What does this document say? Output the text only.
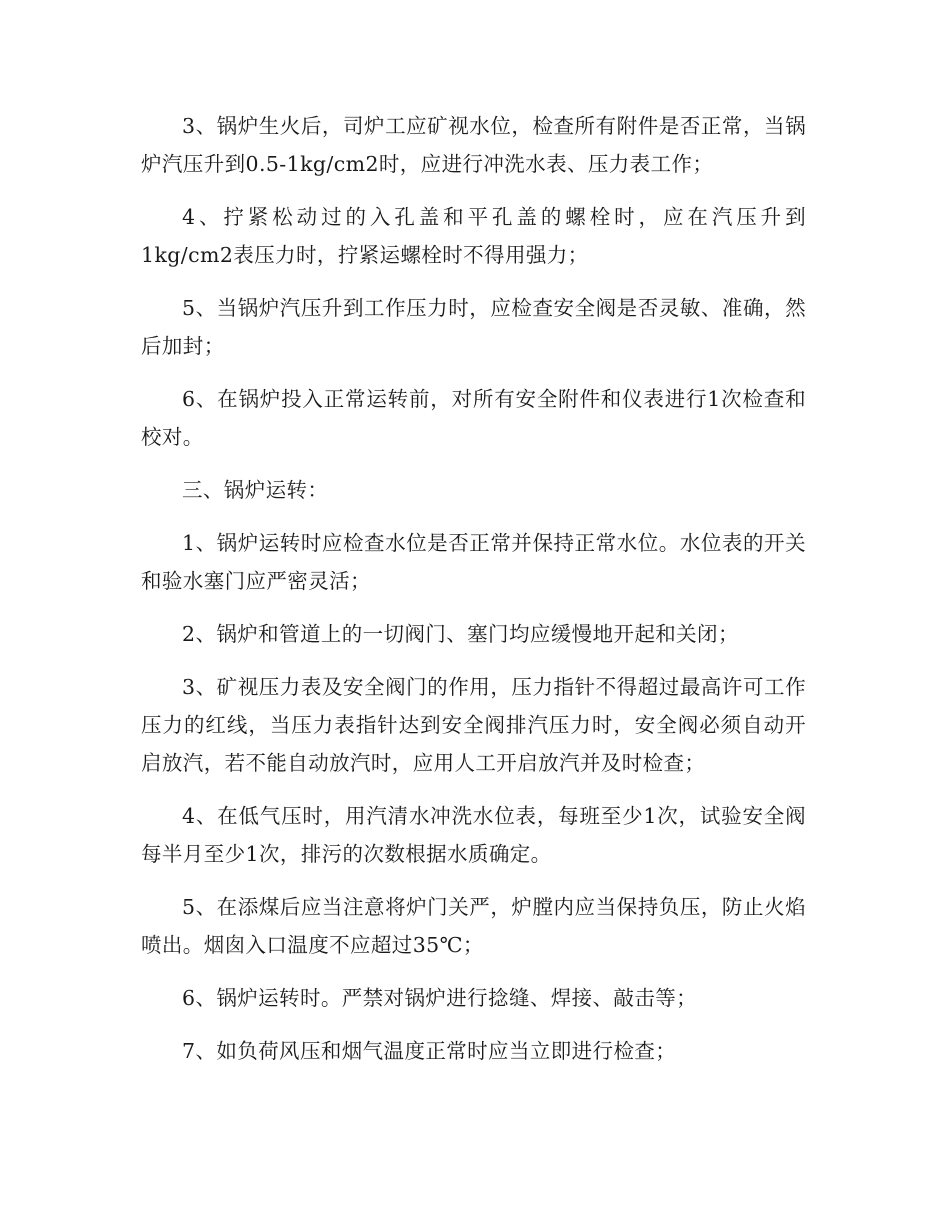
3、锅炉生火后，司炉工应矿视水位，检查所有附件是否正常，当锅炉汽压升到0.5-1kg/cm2时，应进行冲洗水表、压力表工作；

4、拧紧松动过的入孔盖和平孔盖的螺栓时，应在汽压升到1kg/cm2表压力时，拧紧运螺栓时不得用强力；

5、当锅炉汽压升到工作压力时，应检查安全阀是否灵敏、准确，然后加封；

6、在锅炉投入正常运转前，对所有安全附件和仪表进行1次检查和校对。

三、锅炉运转：

1、锅炉运转时应检查水位是否正常并保持正常水位。水位表的开关和验水塞门应严密灵活；

2、锅炉和管道上的一切阀门、塞门均应缓慢地开起和关闭；

3、矿视压力表及安全阀门的作用，压力指针不得超过最高许可工作压力的红线，当压力表指针达到安全阀排汽压力时，安全阀必须自动开启放汽，若不能自动放汽时，应用人工开启放汽并及时检查；

4、在低气压时，用汽清水冲洗水位表，每班至少1次，试验安全阀每半月至少1次，排污的次数根据水质确定。

5、在添煤后应当注意将炉门关严，炉膛内应当保持负压，防止火焰喷出。烟囱入口温度不应超过35℃；

6、锅炉运转时。严禁对锅炉进行捻缝、焊接、敲击等；

7、如负荷风压和烟气温度正常时应当立即进行检查；
